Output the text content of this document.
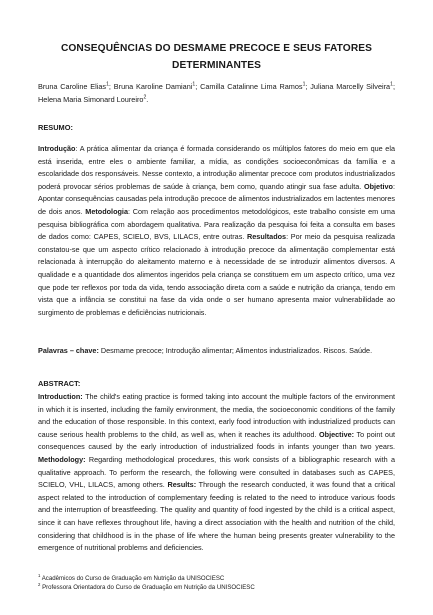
CONSEQUÊNCIAS DO DESMAME PRECOCE E SEUS FATORES
DETERMINANTES
Bruna Caroline Elias$^1$; Bruna Karoline Damiani$^1$; Camilla Catalinne Lima Ramos$^1$; Juliana Marcelly Silveira$^1$; Helena Maria Simonard Loureiro$^2$.
RESUMO:

Introdução: A prática alimentar da criança é formada considerando os múltiplos fatores do meio em que ela está inserida, entre eles o ambiente familiar, a mídia, as condições socioeconômicas da família e a escolaridade dos responsáveis. Nesse contexto, a introdução alimentar precoce com produtos industrializados poderá provocar sérios problemas de saúde à criança, bem como, quando atingir sua fase adulta. Objetivo: Apontar consequências causadas pela introdução precoce de alimentos industrializados em lactentes menores de dois anos. Metodologia: Com relação aos procedimentos metodológicos, este trabalho consiste em uma pesquisa bibliográfica com abordagem qualitativa. Para realização da pesquisa foi feita a consulta em bases de dados como: CAPES, SCIELO, BVS, LILACS, entre outras. Resultados: Por meio da pesquisa realizada constatou-se que um aspecto crítico relacionado à introdução precoce da alimentação complementar está relacionada à interrupção do aleitamento materno e à necessidade de se introduzir alimentos diversos. A qualidade e a quantidade dos alimentos ingeridos pela criança se constituem em um aspecto crítico, uma vez que pode ter reflexos por toda da vida, tendo associação direta com a saúde e nutrição da criança, tendo em vista que a infância se constitui na fase da vida onde o ser humano apresenta maior vulnerabilidade ao surgimento de problemas e deficiências nutricionais.

Palavras – chave: Desmame precoce; Introdução alimentar; Alimentos industrializados. Riscos. Saúde.

ABSTRACT:

Introduction: The child's eating practice is formed taking into account the multiple factors of the environment in which it is inserted, including the family environment, the media, the socioeconomic conditions of the family and the education of those responsible. In this context, early food introduction with industrialized products can cause serious health problems to the child, as well as, when it reaches its adulthood. Objective: To point out consequences caused by the early introduction of industrialized foods in infants younger than two years. Methodology: Regarding methodological procedures, this work consists of a bibliographic research with a qualitative approach. To perform the research, the following were consulted in databases such as CAPES, SCIELO, VHL, LILACS, among others. Results: Through the research conducted, it was found that a critical aspect related to the introduction of complementary feeding is related to the need to introduce various foods and the interruption of breastfeeding. The quality and quantity of food ingested by the child is a critical aspect, since it can have reflexes throughout life, having a direct association with the health and nutrition of the child, considering that childhood is in the phase of life where the human being presents greater vulnerability to the emergence of nutritional problems and deficiencies.

$^1$ Acadêmicos do Curso de Graduação em Nutrição da UNISOCIESC
$^2$ Professora Orientadora do Curso de Graduação em Nutrição da UNISOCIESC
